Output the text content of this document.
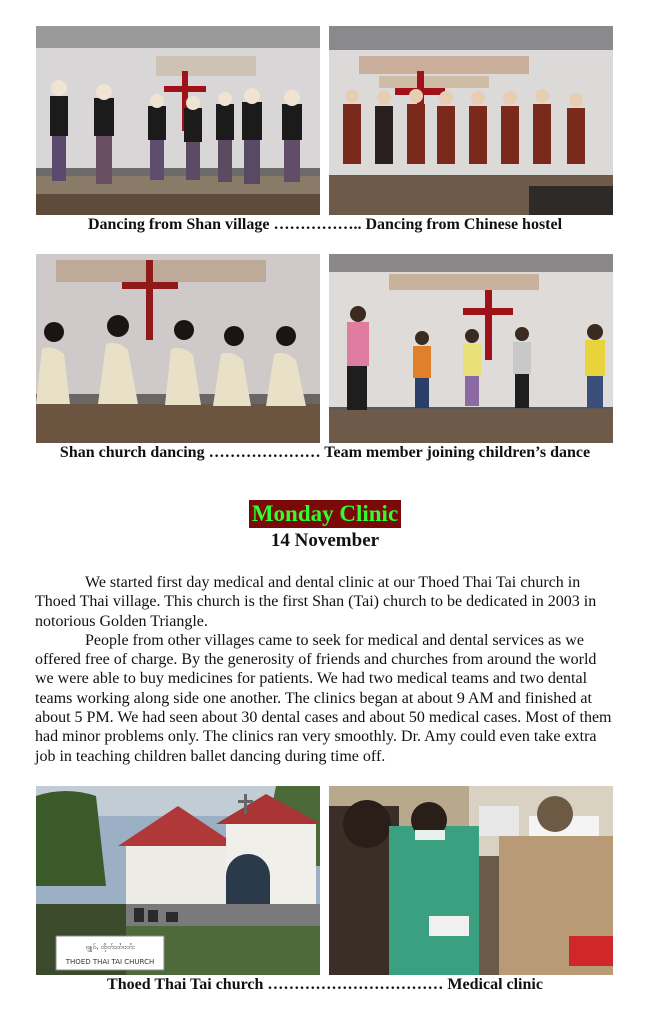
Dancing from Shan village …………….. Dancing from Chinese hostel
Shan church dancing ………………… Team member joining children’s dance
Monday Clinic
14 November

We started first day medical and dental clinic at our Thoed Thai Tai church in Thoed Thai village. This church is the first Shan (Tai) church to be dedicated in 2003 in notorious Golden Triangle.

People from other villages came to seek for medical and dental services as we offered free of charge. By the generosity of friends and churches from around the world we were able to buy medicines for patients. We had two medical teams and two dental teams working along side one another. The clinics began at about 9 AM and finished at about 5 PM. We had seen about 30 dental cases and about 50 medical cases. Most of them had minor problems only. The clinics ran very smoothly. Dr. Amy could even take extra job in teaching children ballet dancing during time off.

ၵျူဝ်ႇ ထိုတ်ႈထၢႆးတႆး
THOED THAI TAI CHURCH
Thoed Thai Tai church …………………………… Medical clinic
